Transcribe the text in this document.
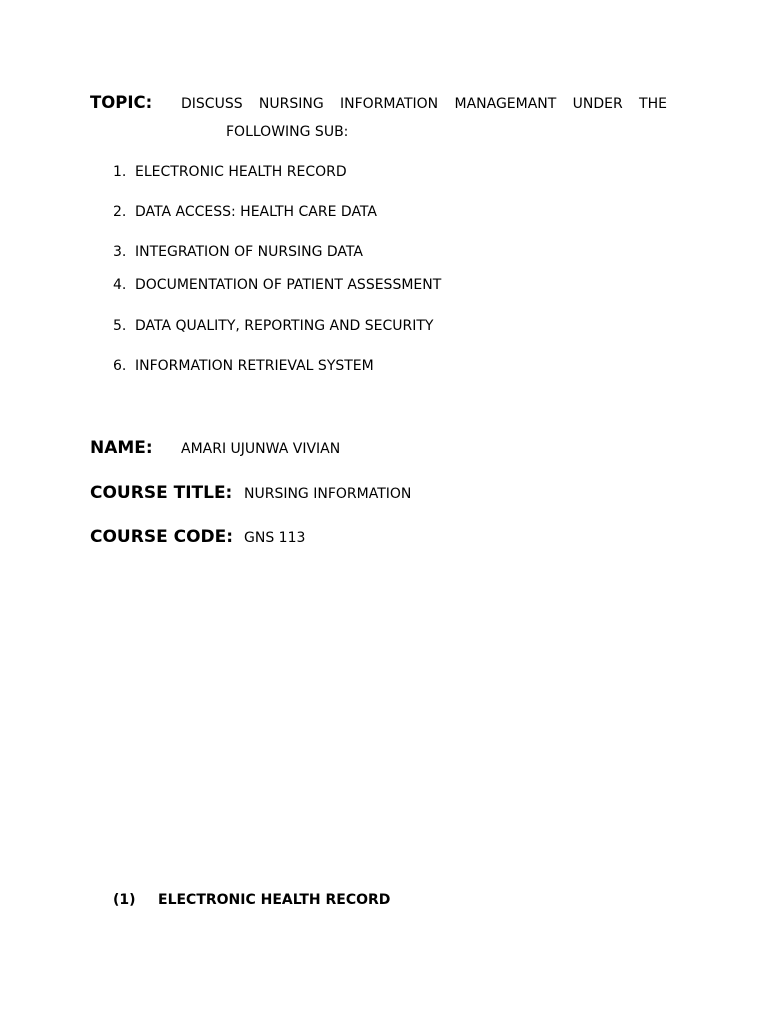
TOPIC: DISCUSS NURSING INFORMATION MANAGEMANT UNDER THE
FOLLOWING SUB:
1. ELECTRONIC HEALTH RECORD
2. DATA ACCESS: HEALTH CARE DATA
3. INTEGRATION OF NURSING DATA
4. DOCUMENTATION OF PATIENT ASSESSMENT
5. DATA QUALITY, REPORTING AND SECURITY
6. INFORMATION RETRIEVAL SYSTEM
NAME: AMARI UJUNWA VIVIAN
COURSE TITLE: NURSING INFORMATION
COURSE CODE: GNS 113
(1)	ELECTRONIC HEALTH RECORD
